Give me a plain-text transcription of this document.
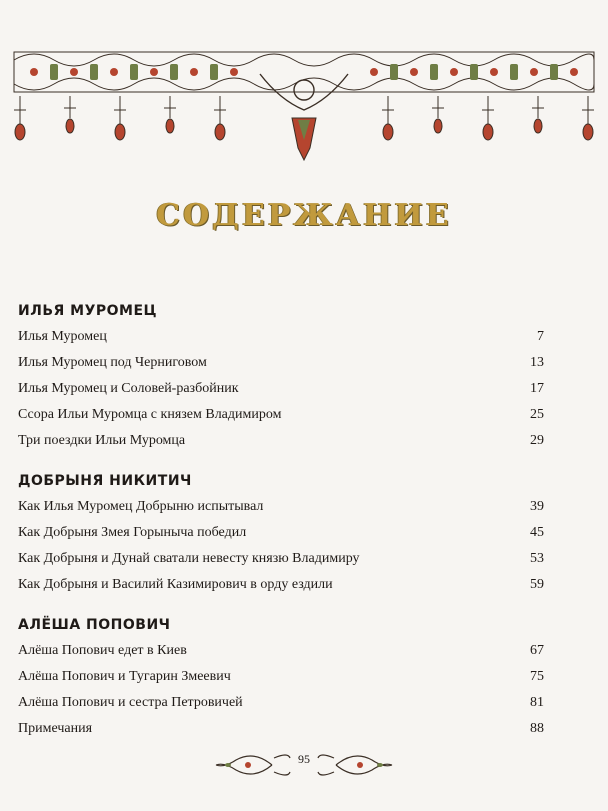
СОДЕРЖАНИЕ
ИЛЬЯ МУРОМЕЦ
Илья Муромец	7
Илья Муромец под Черниговом	13
Илья Муромец и Соловей-разбойник	17
Ссора Ильи Муромца с князем Владимиром	25
Три поездки Ильи Муромца	29
ДОБРЫНЯ НИКИТИЧ
Как Илья Муромец Добрыню испытывал	39
Как Добрыня Змея Горыныча победил	45
Как Добрыня и Дунай сватали невесту князю Владимиру	53
Как Добрыня и Василий Казимирович в орду ездили	59
АЛЁША ПОПОВИЧ
Алёша Попович едет в Киев	67
Алёша Попович и Тугарин Змеевич	75
Алёша Попович и сестра Петровичей	81
Примечания	88
95
